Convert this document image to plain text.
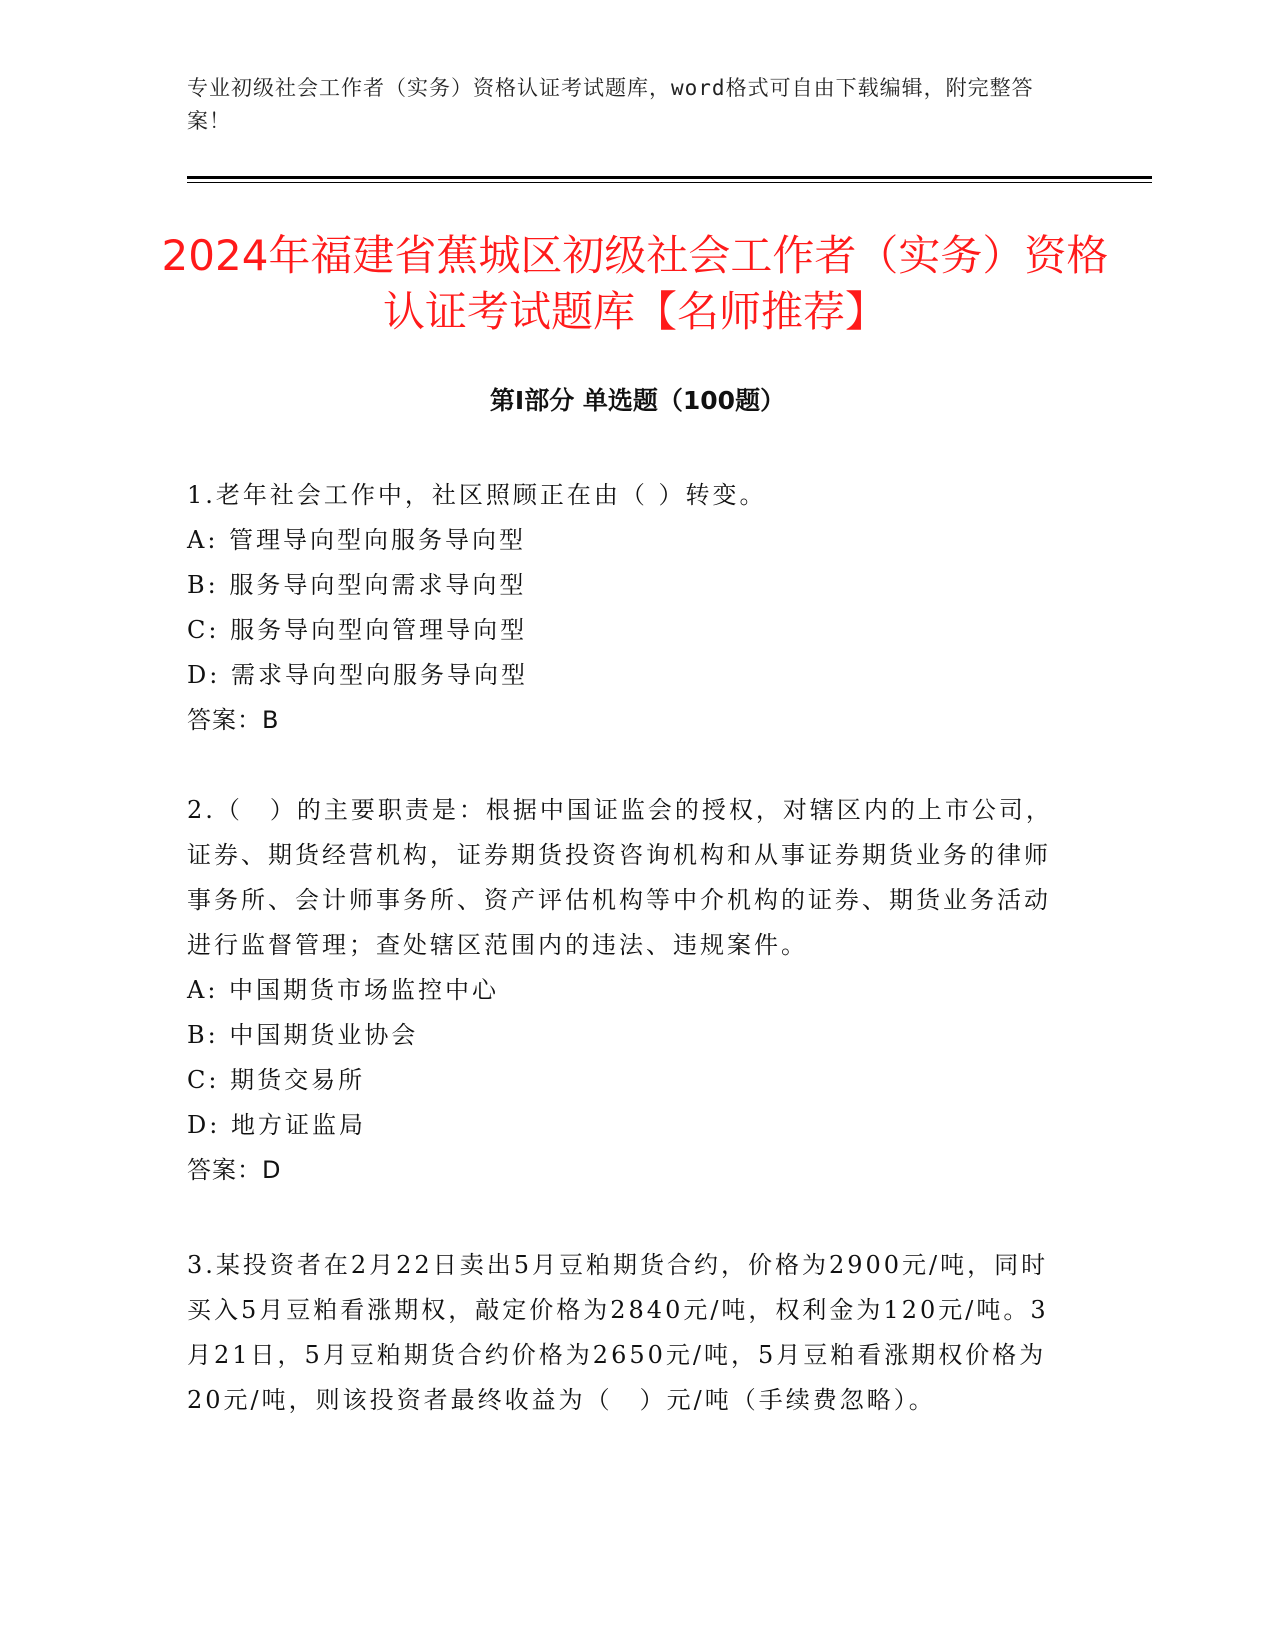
专业初级社会工作者（实务）资格认证考试题库，word格式可自由下载编辑，附完整答案！
2024年福建省蕉城区初级社会工作者（实务）资格认证考试题库【名师推荐】
第Ⅰ部分 单选题（100题）

1.老年社会工作中，社区照顾正在由（ ）转变。

A: 管理导向型向服务导向型
B: 服务导向型向需求导向型
C: 服务导向型向管理导向型
D: 需求导向型向服务导向型

答案：B

2.（　）的主要职责是：根据中国证监会的授权，对辖区内的上市公司，证券、期货经营机构，证券期货投资咨询机构和从事证券期货业务的律师事务所、会计师事务所、资产评估机构等中介机构的证券、期货业务活动进行监督管理；查处辖区范围内的违法、违规案件。

A: 中国期货市场监控中心
B: 中国期货业协会
C: 期货交易所
D: 地方证监局

答案：D

3.某投资者在2月22日卖出5月豆粕期货合约，价格为2900元/吨，同时买入5月豆粕看涨期权，敲定价格为2840元/吨，权利金为120元/吨。3月21日，5月豆粕期货合约价格为2650元/吨，5月豆粕看涨期权价格为20元/吨，则该投资者最终收益为（　）元/吨（手续费忽略）。
